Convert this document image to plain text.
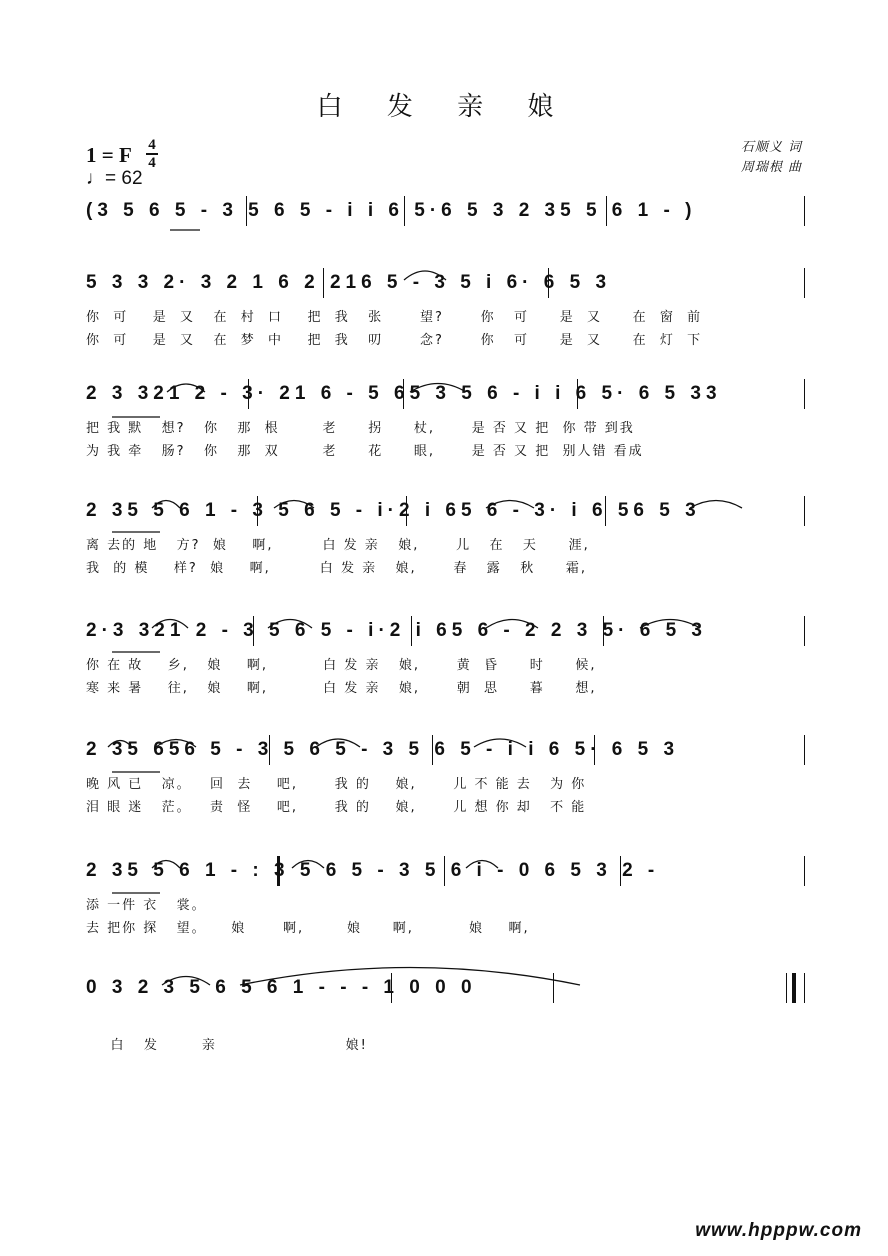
白 发 亲 娘
1 = F 4
4
♩= 62
石顺义 词
周瑞根 曲
(3 5 6 5 - 3 5 6 5 - i i 6 5·6 5 3 2 35 5 6 1 - )
5 3 3 2· 3 2 1 6 2 216 5 - 3 5 i 6· 6 5 3
你  可    是  又   在  村  口    把  我   张      望?      你   可     是  又     在  窗  前
你  可    是  又   在  梦  中    把  我   叨      念?      你   可     是  又     在  灯  下
2 3 321 2 - 3· 21 6 - 5 65 3 5 6 - i i 6 5· 6 5 33
把 我 默   想?   你   那  根       老     拐     杖,      是 否 又 把  你 带 到我
为 我 牵   肠?   你   那  双       老     花     眼,      是 否 又 把  别人错 看成
2 35 5 6 1 - 3 5 6 5 - i·2 i 65 6 - 3· i 6 56 5 3
离 去的 地   方?  娘    啊,        白 发 亲   娘,      儿   在   天     涯,
我  的 模    样?  娘    啊,        白 发 亲   娘,      春   露   秋     霜,
2·3 321 2 - 3 5 6 5 - i·2 i 65 6 - 2 2 3 5· 6 5 3
你 在 故    乡,   娘    啊,         白 发 亲   娘,      黄  昏     时     候,
寒 来 暑    往,   娘    啊,         白 发 亲   娘,      朝  思     暮     想,
2 35 656 5 - 3 5 6 5 - 3 5 6 5 - i i 6 5· 6 5 3
晚 风 已   凉。   回  去    吧,      我 的    娘,      儿 不 能 去   为 你
泪 眼 迷   茫。   责  怪    吧,      我 的    娘,      儿 想 你 却   不 能
2 35 5 6 1 - : 3 5 6 5 - 3 5 6 i - 0 6 5 3 2 -
添 一件 衣   裳。
去 把你 探   望。    娘      啊,       娘     啊,         娘    啊,
0 3 2 3 5 6 5 6 1 - - - 1 0 0 0
白   发       亲                     娘!
www.hpppw.com
